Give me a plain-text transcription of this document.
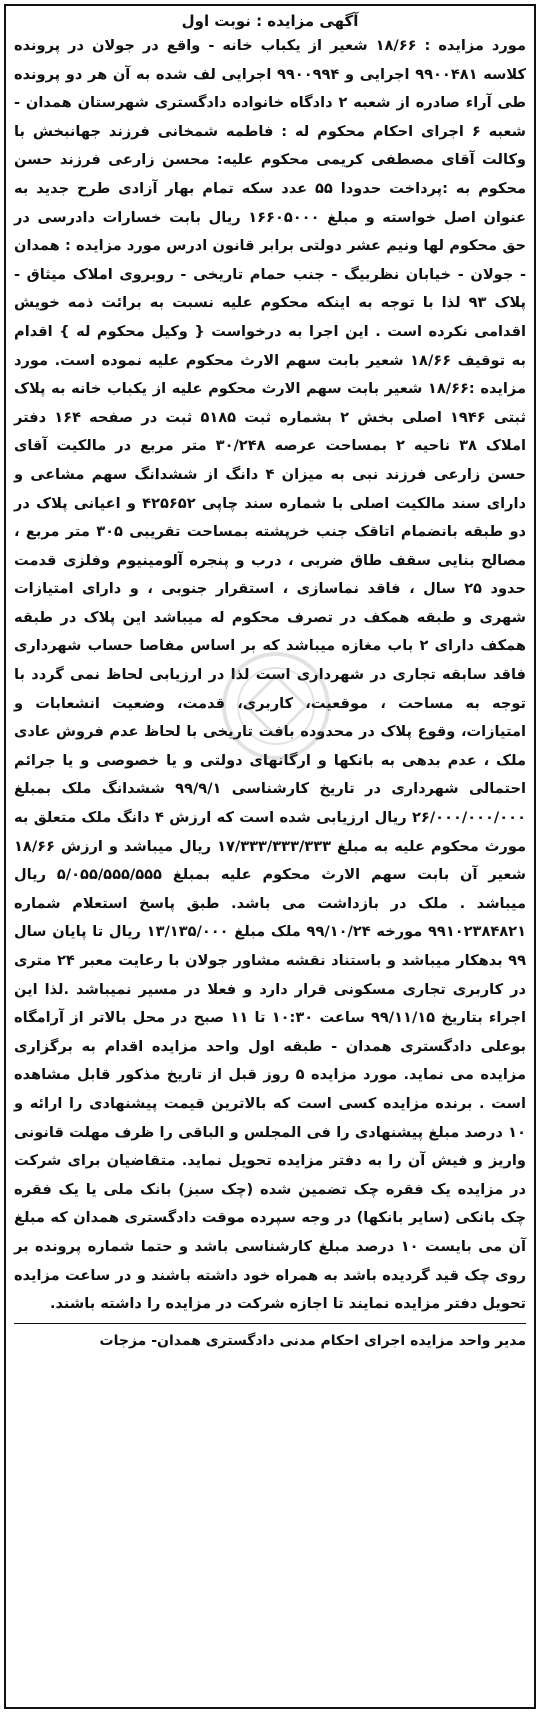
آگهی مزایده : نوبت اول

مورد مزایده : ۱۸/۶۶ شعیر از یکباب خانه - واقع در جولان در پرونده کلاسه ۹۹۰۰۴۸۱ اجرایی و ۹۹۰۰۹۹۴ اجرایی لف شده به آن هر دو پرونده طی آراء صادره از شعبه ۲ دادگاه خانواده دادگستری شهرستان همدان - شعبه ۶ اجرای احکام محکوم له : فاطمه شمخانی فرزند جهانبخش با وکالت آقای مصطفی کریمی محکوم علیه: محسن زارعی فرزند حسن محکوم به :پرداخت حدودا ۵۵ عدد سکه تمام بهار آزادی طرح جدید به عنوان اصل خواسته و مبلغ ۱۶۶۰۵۰۰۰ ریال بابت خسارات دادرسی در حق محکوم لها ونیم عشر دولتی برابر قانون ادرس مورد مزایده : همدان - جولان - خیابان نظربیگ - جنب حمام تاریخی - روبروی املاک میثاق - پلاک ۹۳ لذا با توجه به اینکه محکوم علیه نسبت به برائت ذمه خویش اقدامی نکرده است . این اجرا به درخواست { وکیل محکوم له } اقدام به توقیف ۱۸/۶۶ شعیر بابت سهم الارث محکوم علیه نموده است. مورد مزایده :۱۸/۶۶ شعیر بابت سهم الارث محکوم علیه از یکباب خانه به پلاک ثبتی ۱۹۴۶ اصلی بخش ۲ بشماره ثبت ۵۱۸۵ ثبت در صفحه ۱۶۴ دفتر املاک ۳۸ ناحیه ۲ بمساحت عرصه ۳۰/۲۴۸ متر مربع در مالکیت آقای حسن زارعی فرزند نبی به میزان ۴ دانگ از ششدانگ سهم مشاعی و دارای سند مالکیت اصلی با شماره سند چاپی ۴۲۵۶۵۲ و اعیانی پلاک در دو طبقه بانضمام اتاقک جنب خرپشته بمساحت تقریبی ۳۰۵ متر مربع ، مصالح بنایی سقف طاق ضربی ، درب و پنجره آلومینیوم وفلزی قدمت حدود ۲۵ سال ، فاقد نماسازی ، استقرار جنوبی ، و دارای امتیازات شهری و طبقه همکف در تصرف محکوم له میباشد این پلاک در طبقه همکف دارای ۲ باب مغازه میباشد که بر اساس مفاصا حساب شهرداری فاقد سابقه تجاری در شهرداری است لذا در ارزیابی لحاظ نمی گردد با توجه به مساحت ، موقعیت، کاربری، قدمت، وضعیت انشعابات و امتیازات، وقوع پلاک در محدوده بافت تاریخی با لحاظ عدم فروش عادی ملک ، عدم بدهی به بانکها و ارگانهای دولتی و یا خصوصی و یا جرائم احتمالی شهرداری در تاریخ کارشناسی ۹۹/۹/۱ ششدانگ ملک بمبلغ ۲۶/۰۰۰/۰۰۰/۰۰۰ ریال ارزیابی شده است که ارزش ۴ دانگ ملک متعلق به مورث محکوم علیه به مبلغ ۱۷/۳۳۳/۳۳۳/۳۳۳ ریال میباشد و ارزش ۱۸/۶۶ شعیر آن بابت سهم الارث محکوم علیه بمبلغ ۵/۰۵۵/۵۵۵/۵۵۵ ریال میباشد . ملک در بازداشت می باشد. طبق پاسخ استعلام شماره ۹۹۱۰۲۳۸۴۸۲۱ مورخه ۹۹/۱۰/۲۴ ملک مبلغ ۱۳/۱۳۵/۰۰۰ ریال تا پایان سال ۹۹ بدهکار میباشد و باستناد نقشه مشاور جولان با رعایت معبر ۲۴ متری در کاربری تجاری مسکونی قرار دارد و فعلا در مسیر نمیباشد .لذا این اجراء بتاریخ ۹۹/۱۱/۱۵ ساعت ۱۰:۳۰ تا ۱۱ صبح در محل بالاتر از آرامگاه بوعلی دادگستری همدان - طبقه اول واحد مزایده اقدام به برگزاری مزایده می نماید. مورد مزایده ۵ روز قبل از تاریخ مذکور قابل مشاهده است . برنده مزایده کسی است که بالاترین قیمت پیشنهادی را ارائه و ۱۰ درصد مبلغ پیشنهادی را فی المجلس و الباقی را ظرف مهلت قانونی واریز و فیش آن را به دفتر مزایده تحویل نماید. متقاضیان برای شرکت در مزایده یک فقره چک تضمین شده (چک سبز) بانک ملی یا یک فقره چک بانکی (سایر بانکها) در وجه سپرده موقت دادگستری همدان که مبلغ آن می بایست ۱۰ درصد مبلغ کارشناسی باشد و حتما شماره پرونده بر روی چک قید گردیده باشد به همراه خود داشته باشند و در ساعت مزایده تحویل دفتر مزایده نمایند تا اجازه شرکت در مزایده را داشته باشند.

مدیر واحد مزایده اجرای احکام مدنی دادگستری همدان- مزجات
